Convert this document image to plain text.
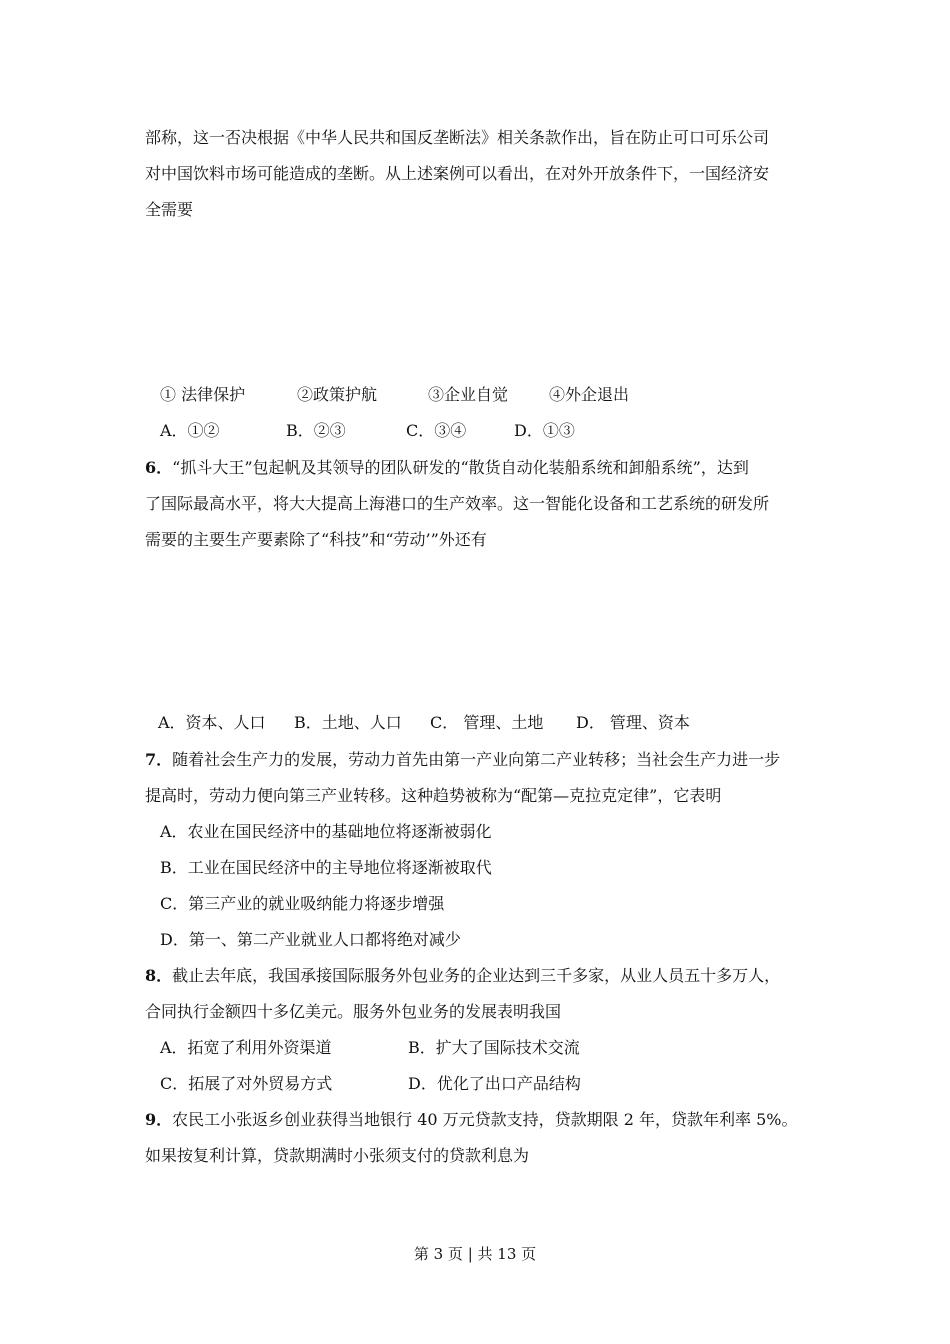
部称，这一否决根据《中华人民共和国反垄断法》相关条款作出，旨在防止可口可乐公司
对中国饮料市场可能造成的垄断。从上述案例可以看出，在对外开放条件下，一国经济安
全需要
① 法律保护	②政策护航	③企业自觉	④外企退出
A．①②	B．②③	C．③④	D．①③
6．“抓斗大王”包起帆及其领导的团队研发的“散货自动化装船系统和卸船系统”，达到
了国际最高水平，将大大提高上海港口的生产效率。这一智能化设备和工艺系统的研发所
需要的主要生产要素除了“科技”和“劳动’”外还有
A．资本、人口 B．土地、人口 C． 管理、土地 D． 管理、资本
7．随着社会生产力的发展，劳动力首先由第一产业向第二产业转移；当社会生产力进一步
提高时，劳动力便向第三产业转移。这种趋势被称为“配第—克拉克定律”，它表明
A．农业在国民经济中的基础地位将逐渐被弱化
B．工业在国民经济中的主导地位将逐渐被取代
C．第三产业的就业吸纳能力将逐步增强
D．第一、第二产业就业人口都将绝对减少
8．截止去年底，我国承接国际服务外包业务的企业达到三千多家，从业人员五十多万人，
合同执行金额四十多亿美元。服务外包业务的发展表明我国
A．拓宽了利用外资渠道	B．扩大了国际技术交流
C．拓展了对外贸易方式	D．优化了出口产品结构
9．农民工小张返乡创业获得当地银行 40 万元贷款支持，贷款期限 2 年，贷款年利率 5%。
如果按复利计算，贷款期满时小张须支付的贷款利息为
第 3 页 | 共 13 页
